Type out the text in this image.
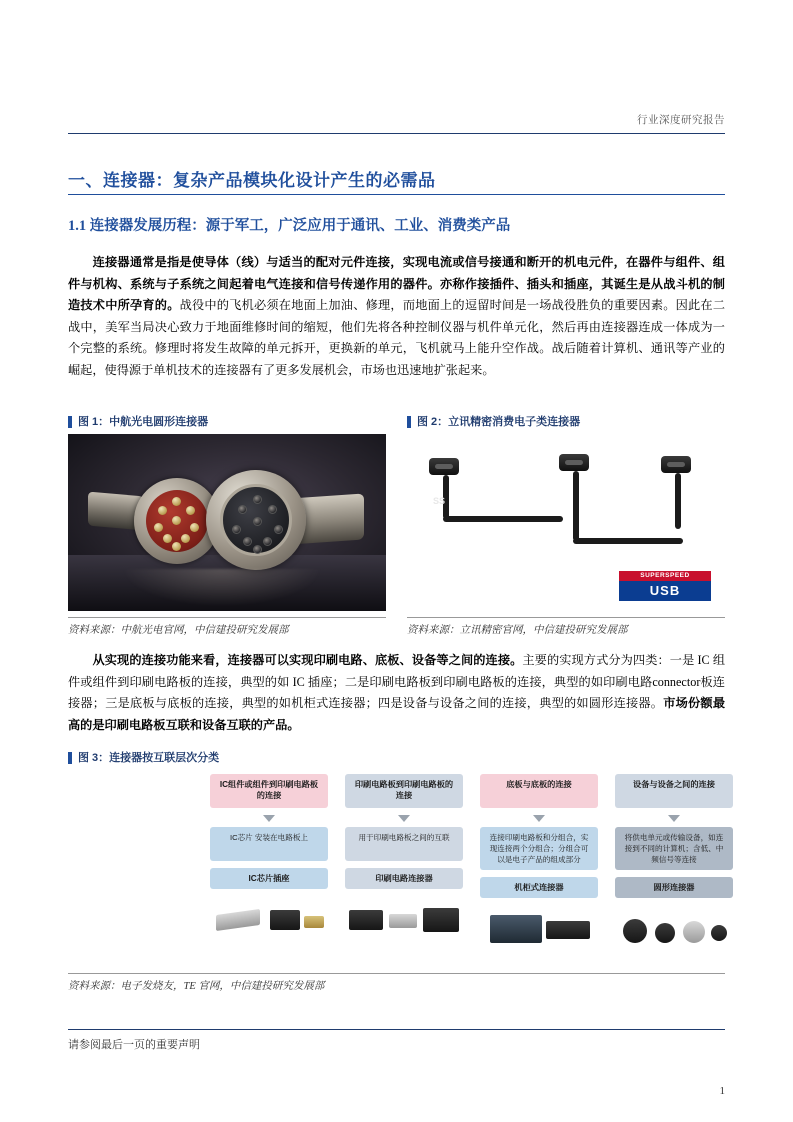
行业深度研究报告
一、连接器：复杂产品模块化设计产生的必需品
1.1 连接器发展历程：源于军工，广泛应用于通讯、工业、消费类产品
连接器通常是指是使导体（线）与适当的配对元件连接，实现电流或信号接通和断开的机电元件，在器件与组件、组件与机构、系统与子系统之间起着电气连接和信号传递作用的器件。亦称作接插件、插头和插座，其诞生是从战斗机的制造技术中所孕育的。战役中的飞机必须在地面上加油、修理，而地面上的逗留时间是一场战役胜负的重要因素。因此在二战中，美军当局决心致力于地面维修时间的缩短，他们先将各种控制仪器与机件单元化，然后再由连接器连成一体成为一个完整的系统。修理时将发生故障的单元拆开，更换新的单元，飞机就马上能升空作战。战后随着计算机、通讯等产业的崛起，使得源于单机技术的连接器有了更多发展机会，市场也迅速地扩张起来。
图 1：中航光电圆形连接器
资料来源：中航光电官网，中信建投研究发展部
图 2：立讯精密消费电子类连接器
SS
SUPERSPEED
USB
资料来源：立讯精密官网，中信建投研究发展部
从实现的连接功能来看，连接器可以实现印刷电路、底板、设备等之间的连接。主要的实现方式分为四类：一是 IC 组件或组件到印刷电路板的连接，典型的如 IC 插座；二是印刷电路板到印刷电路板的连接，典型的如印刷电路connector板连接器；三是底板与底板的连接，典型的如机柜式连接器；四是设备与设备之间的连接，典型的如圆形连接器。市场份额最高的是印刷电路板互联和设备互联的产品。
图 3：连接器按互联层次分类
IC组件或组件到印刷电路板的连接
IC芯片 安装在电路板上
IC芯片插座
印刷电路板到印刷电路板的连接
用于印刷电路板之间的互联
印刷电路连接器
底板与底板的连接
连接印刷电路板和分组合，实现连接两个分组合；分组合可以是电子产品的组成部分
机柜式连接器
设备与设备之间的连接
将供电单元或传输设备，如连接到不同的计算机；含低、中频信号等连接
圆形连接器
资料来源：电子发烧友，TE 官网，中信建投研究发展部
请参阅最后一页的重要声明
1
